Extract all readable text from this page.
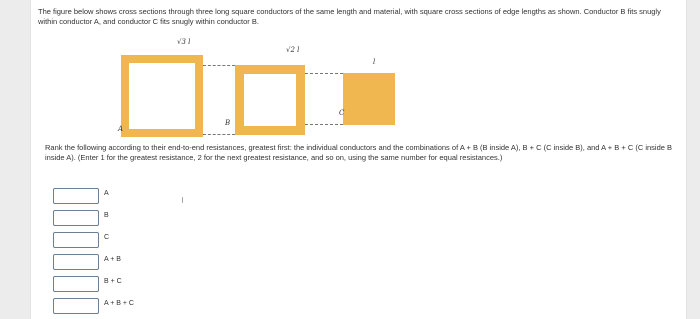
The figure below shows cross sections through three long square conductors of the same length and material, with square cross sections of edge lengths as shown. Conductor B fits snugly within conductor A, and conductor C fits snugly within conductor B.
√3 l
√2 l
l
A
B
C
Rank the following according to their end-to-end resistances, greatest first: the individual conductors and the combinations of A + B (B inside A), B + C (C inside B), and A + B + C (C inside B inside A). (Enter 1 for the greatest resistance, 2 for the next greatest resistance, and so on, using the same number for equal resistances.)
A
B
C
A + B
B + C
A + B + C
